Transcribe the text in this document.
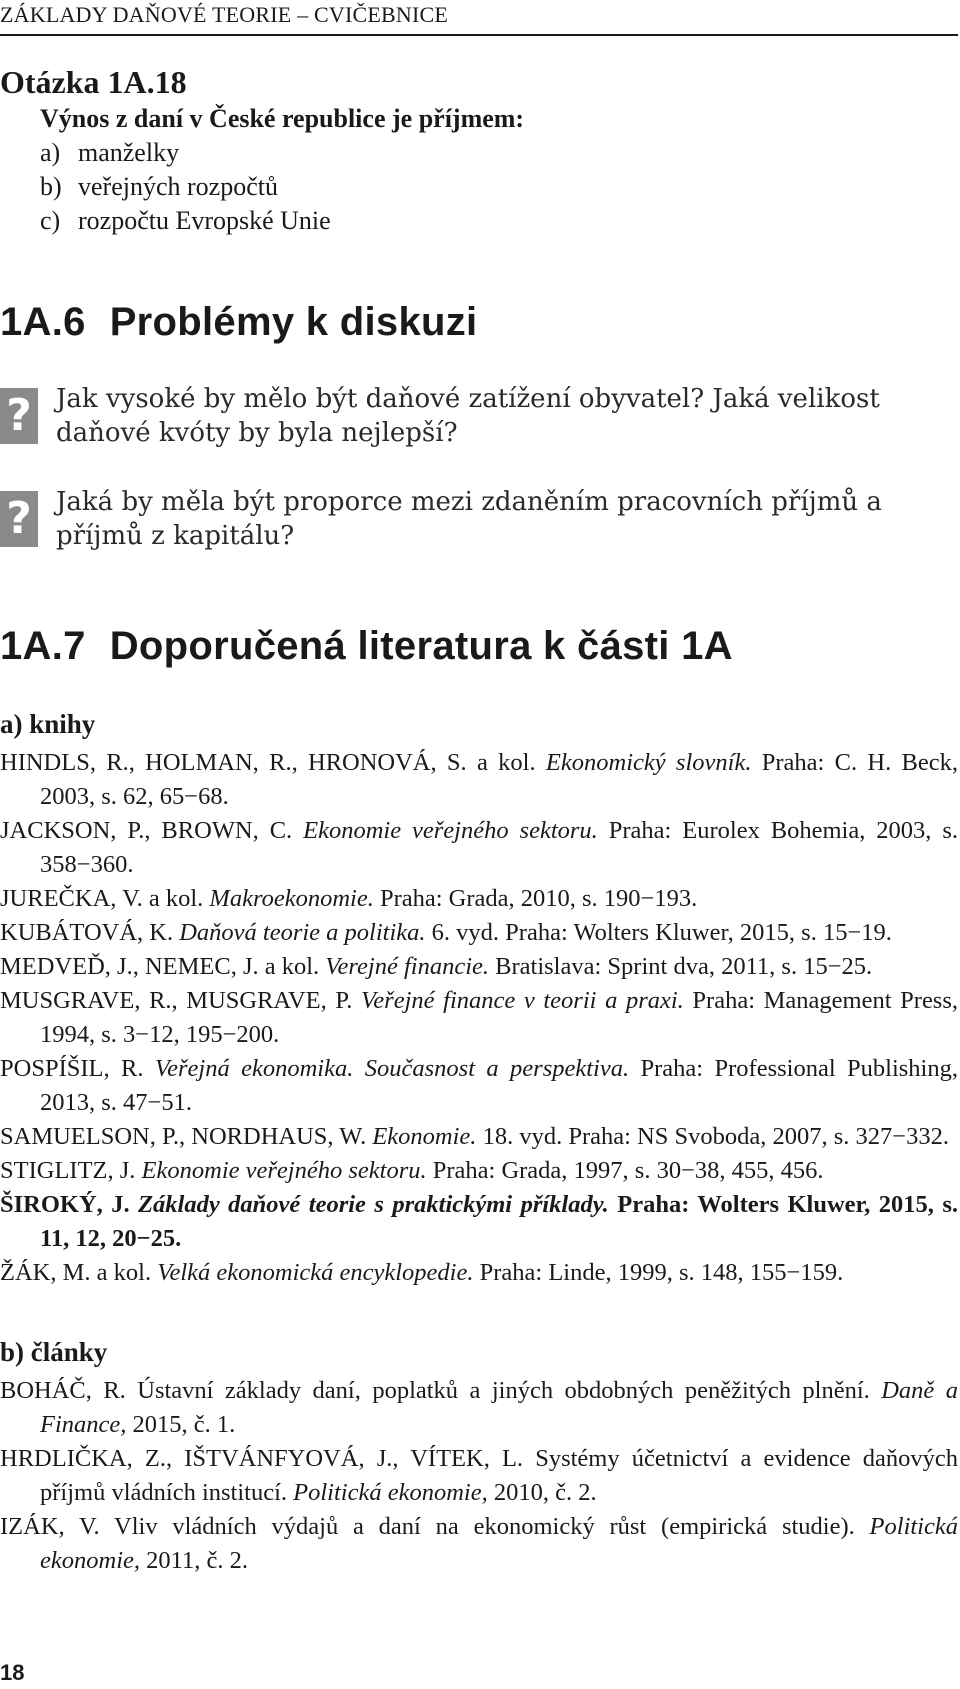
ZÁKLADY DAŇOVÉ TEORIE – CVIČEBNICE
Otázka 1A.18
Výnos z daní v České republice je příjmem:
a) manželky
b) veřejných rozpočtů
c) rozpočtu Evropské Unie
1A.6 Problémy k diskuzi
? Jak vysoké by mělo být daňové zatížení obyvatel? Jaká velikost daňové kvóty by byla nejlepší?
? Jaká by měla být proporce mezi zdaněním pracovních příjmů a příjmů z kapitálu?
1A.7 Doporučená literatura k části 1A
a) knihy
HINDLS, R., HOLMAN, R., HRONOVÁ, S. a kol. Ekonomický slovník. Praha: C. H. Beck, 2003, s. 62, 65−68.
JACKSON, P., BROWN, C. Ekonomie veřejného sektoru. Praha: Eurolex Bohemia, 2003, s. 358−360.
JUREČKA, V. a kol. Makroekonomie. Praha: Grada, 2010, s. 190−193.
KUBÁTOVÁ, K. Daňová teorie a politika. 6. vyd. Praha: Wolters Kluwer, 2015, s. 15−19.
MEDVEĎ, J., NEMEC, J. a kol. Verejné financie. Bratislava: Sprint dva, 2011, s. 15−25.
MUSGRAVE, R., MUSGRAVE, P. Veřejné finance v teorii a praxi. Praha: Management Press, 1994, s. 3−12, 195−200.
POSPÍŠIL, R. Veřejná ekonomika. Současnost a perspektiva. Praha: Professional Publishing, 2013, s. 47−51.
SAMUELSON, P., NORDHAUS, W. Ekonomie. 18. vyd. Praha: NS Svoboda, 2007, s. 327−332.
STIGLITZ, J. Ekonomie veřejného sektoru. Praha: Grada, 1997, s. 30−38, 455, 456.
ŠIROKÝ, J. Základy daňové teorie s praktickými příklady. Praha: Wolters Kluwer, 2015, s. 11, 12, 20−25.
ŽÁK, M. a kol. Velká ekonomická encyklopedie. Praha: Linde, 1999, s. 148, 155−159.
b) články
BOHÁČ, R. Ústavní základy daní, poplatků a jiných obdobných peněžitých plnění. Daně a Finance, 2015, č. 1.
HRDLIČKA, Z., IŠTVÁNFYOVÁ, J., VÍTEK, L. Systémy účetnictví a evidence daňových příjmů vládních institucí. Politická ekonomie, 2010, č. 2.
IZÁK, V. Vliv vládních výdajů a daní na ekonomický růst (empirická studie). Politická ekonomie, 2011, č. 2.
18
